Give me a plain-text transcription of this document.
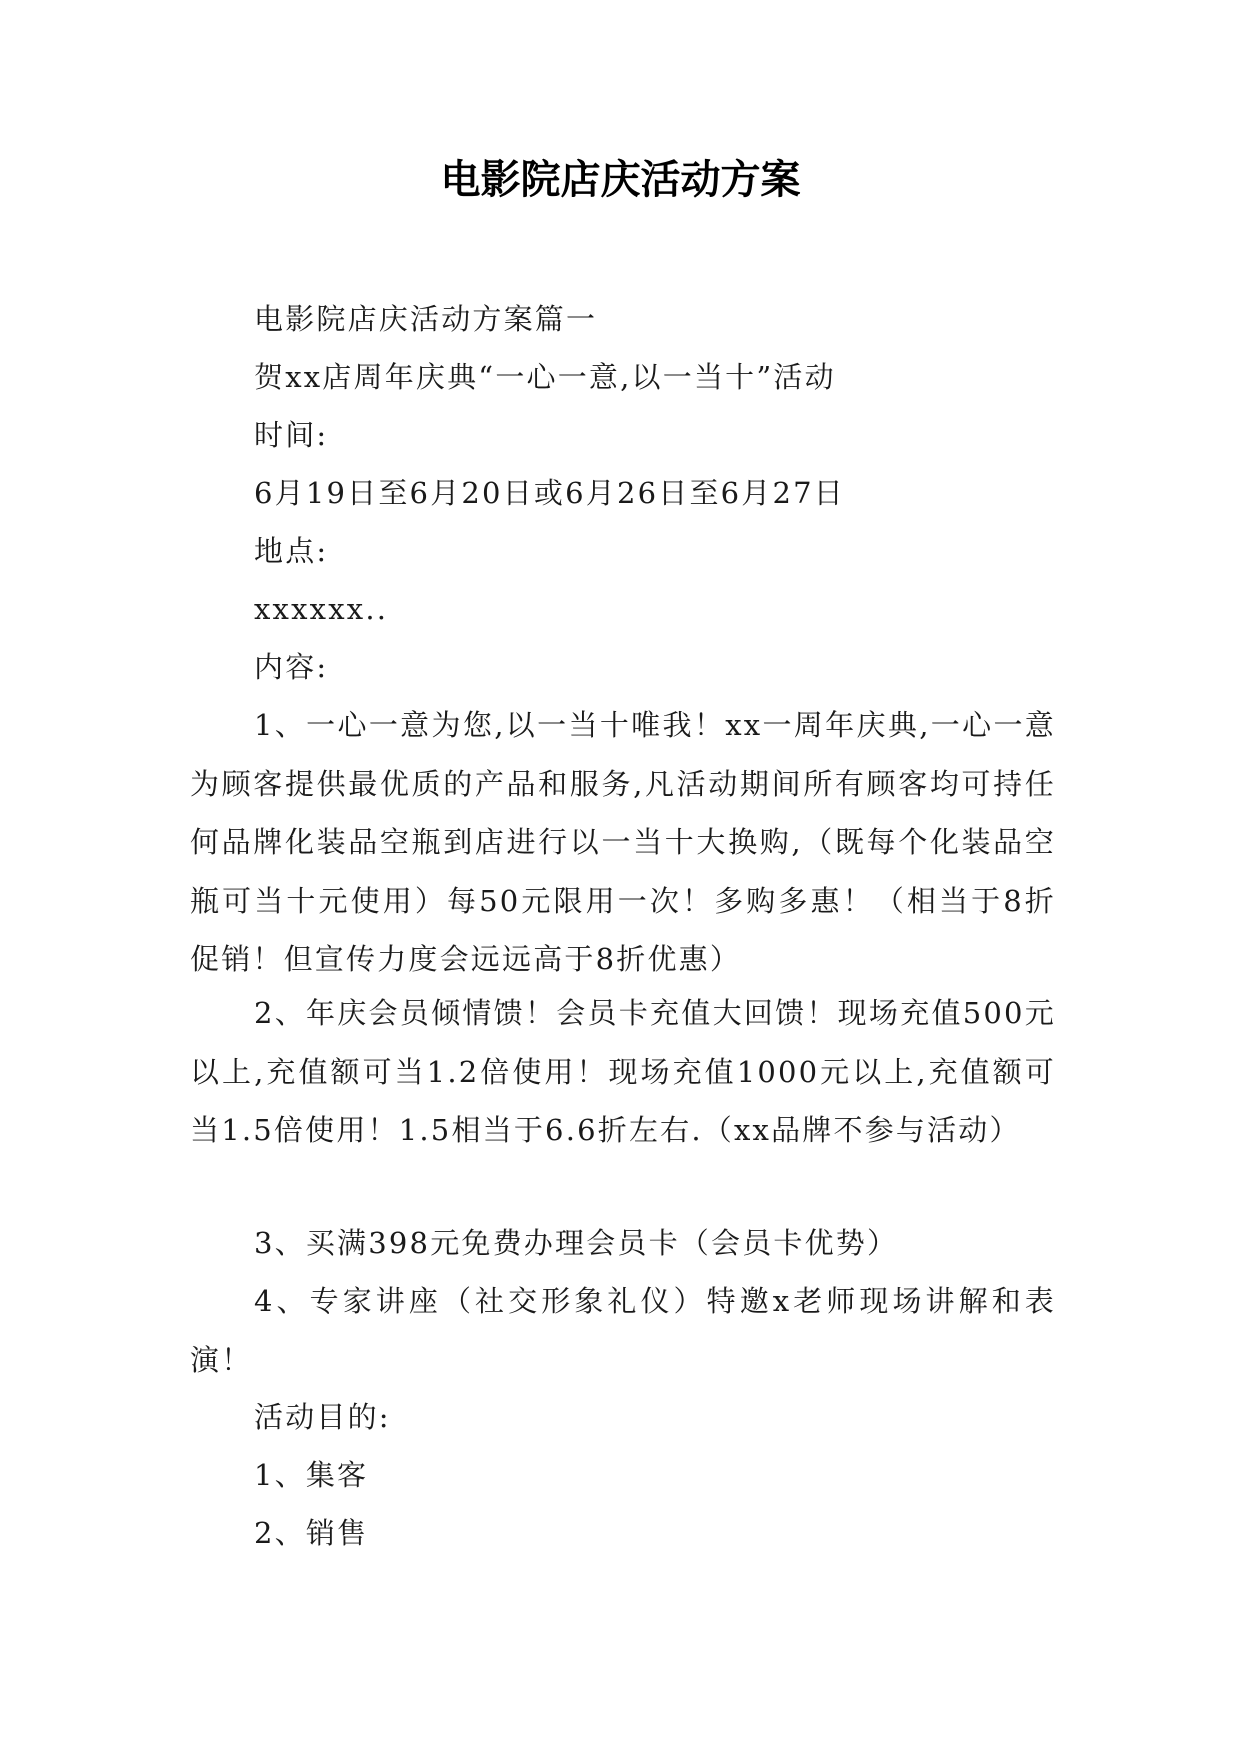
电影院店庆活动方案

电影院店庆活动方案篇一

贺xx店周年庆典“一心一意,以一当十”活动

时间:

6月19日至6月20日或6月26日至6月27日

地点:

xxxxxx..

内容:

1、一心一意为您,以一当十唯我！xx一周年庆典,一心一意为顾客提供最优质的产品和服务,凡活动期间所有顾客均可持任何品牌化装品空瓶到店进行以一当十大换购,（既每个化装品空瓶可当十元使用）每50元限用一次！多购多惠！（相当于8折促销！但宣传力度会远远高于8折优惠）

2、年庆会员倾情馈！会员卡充值大回馈！现场充值500元以上,充值额可当1.2倍使用！现场充值1000元以上,充值额可当1.5倍使用！1.5相当于6.6折左右.（xx品牌不参与活动）

3、买满398元免费办理会员卡（会员卡优势）

4、专家讲座（社交形象礼仪）特邀x老师现场讲解和表演！

活动目的:

1、集客

2、销售
